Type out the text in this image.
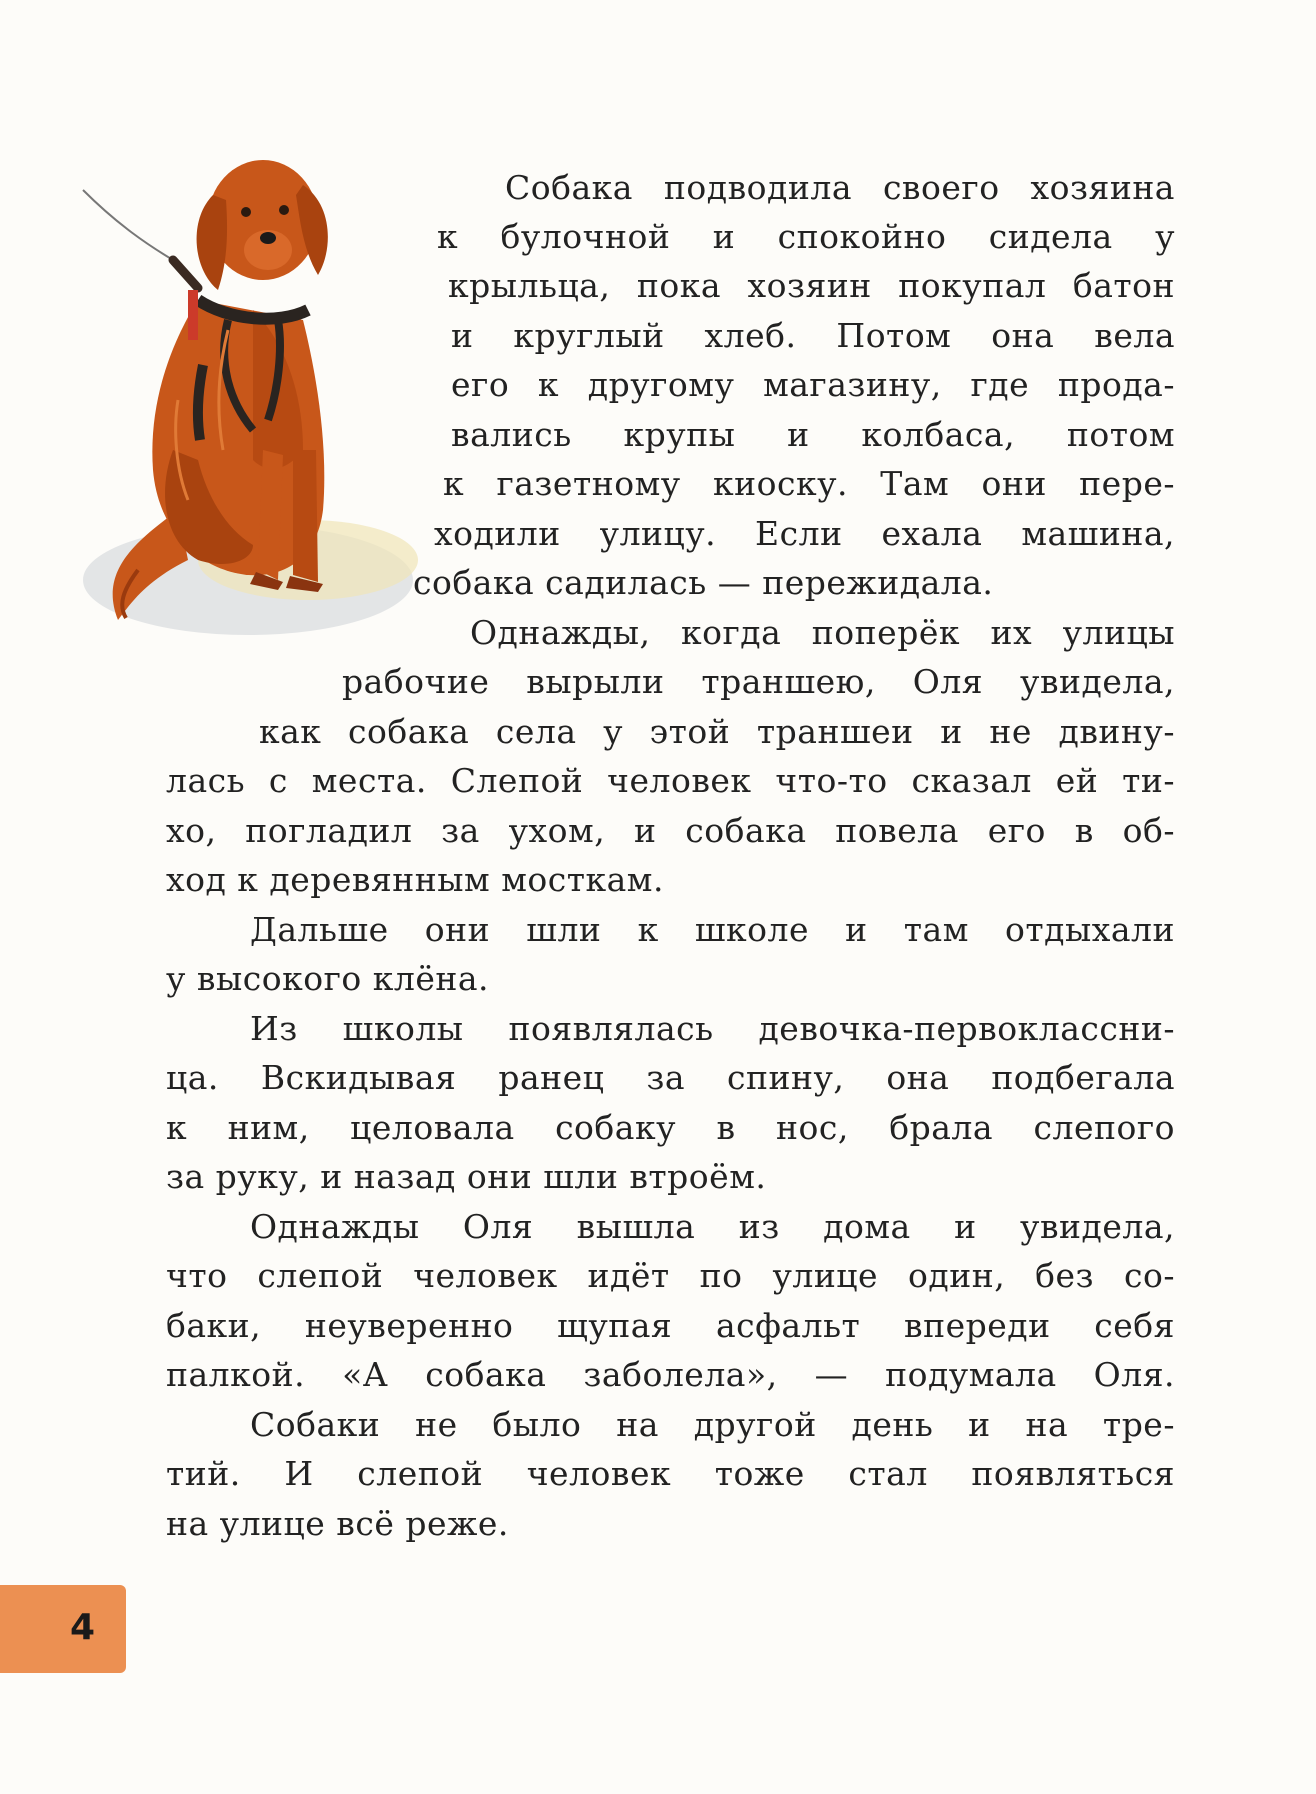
Собака подводила своего хозяина
к булочной и спокойно сидела у
крыльца, пока хозяин покупал батон
и круглый хлеб. Потом она вела
его к другому магазину, где прода-
вались крупы и колбаса, потом
к газетному киоску. Там они пере-
ходили улицу. Если ехала машина,
собака садилась — пережидала.
Однажды, когда поперёк их улицы
рабочие вырыли траншею, Оля увидела,
как собака села у этой траншеи и не двину-
лась с места. Слепой человек что-то сказал ей ти-
хо, погладил за ухом, и собака повела его в об-
ход к деревянным мосткам.
Дальше они шли к школе и там отдыхали
у высокого клёна.
Из школы появлялась девочка-первоклассни-
ца. Вскидывая ранец за спину, она подбегала
к ним, целовала собаку в нос, брала слепого
за руку, и назад они шли втроём.
Однажды Оля вышла из дома и увидела,
что слепой человек идёт по улице один, без со-
баки, неуверенно щупая асфальт впереди себя
палкой. «А собака заболела», — подумала Оля.
Собаки не было на другой день и на тре-
тий. И слепой человек тоже стал появляться
на улице всё реже.
4
